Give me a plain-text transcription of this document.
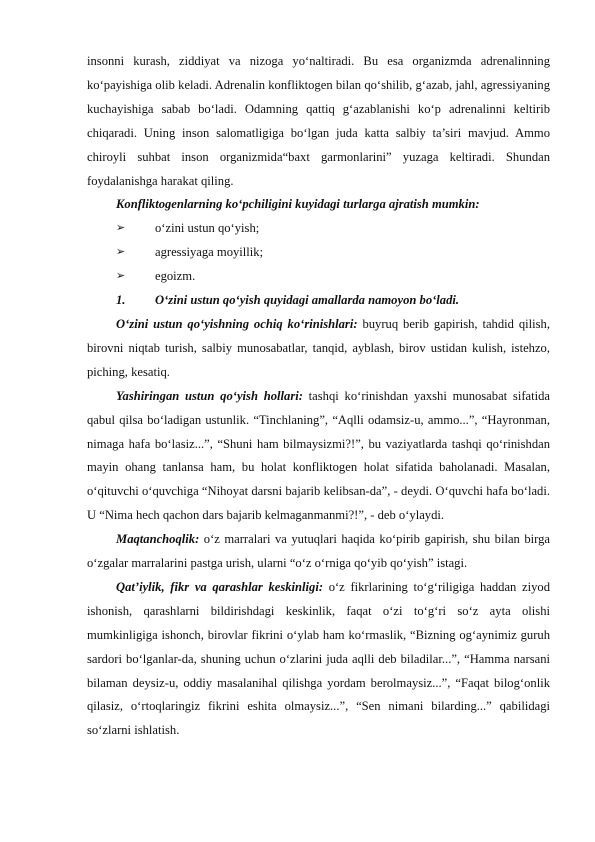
insonni kurash, ziddiyat va nizoga yo‘naltiradi. Bu esa organizmda adrenalinning ko‘payishiga olib keladi. Adrenalin konfliktogen bilan qo‘shilib, g‘azab, jahl, agressiyaning kuchayishiga sabab bo‘ladi. Odamning qattiq g‘azablanishi ko‘p adrenalinni keltirib chiqaradi. Uning inson salomatligiga bo‘lgan juda katta salbiy ta’siri mavjud. Ammo chiroyli suhbat inson organizmida“baxt garmonlarini” yuzaga keltiradi. Shundan foydalanishga harakat qiling.

Konfliktogenlarning ko‘pchiligini kuyidagi turlarga ajratish mumkin:

➢ o‘zini ustun qo‘yish;

➢ agressiyaga moyillik;

➢ egoizm.

1. O‘zini ustun qo‘yish quyidagi amallarda namoyon bo‘ladi.

O‘zini ustun qo‘yishning ochiq ko‘rinishlari: buyruq berib gapirish, tahdid qilish, birovni niqtab turish, salbiy munosabatlar, tanqid, ayblash, birov ustidan kulish, istehzo, piching, kesatiq.

Yashiringan ustun qo‘yish hollari: tashqi ko‘rinishdan yaxshi munosabat sifatida qabul qilsa bo‘ladigan ustunlik. “Tinchlaning”, “Aqlli odamsiz-u, ammo...”, “Hayronman, nimaga hafa bo‘lasiz...”, “Shuni ham bilmaysizmi?!”, bu vaziyatlarda tashqi qo‘rinishdan mayin ohang tanlansa ham, bu holat konfliktogen holat sifatida baholanadi. Masalan, o‘qituvchi o‘quvchiga “Nihoyat darsni bajarib kelibsan-da”, - deydi. O‘quvchi hafa bo‘ladi. U “Nima hech qachon dars bajarib kelmaganmanmi?!”, - deb o‘ylaydi.

Maqtanchoqlik: o‘z marralari va yutuqlari haqida ko‘pirib gapirish, shu bilan birga o‘zgalar marralarini pastga urish, ularni “o‘z o‘rniga qo‘yib qo‘yish” istagi.

Qat’iylik, fikr va qarashlar keskinligi: o‘z fikrlarining to‘g‘riligiga haddan ziyod ishonish, qarashlarni bildirishdagi keskinlik, faqat o‘zi to‘g‘ri so‘z ayta olishi mumkinligiga ishonch, birovlar fikrini o‘ylab ham ko‘rmaslik, “Bizning og‘aynimiz guruh sardori bo‘lganlar-da, shuning uchun o‘zlarini juda aqlli deb biladilar...”, “Hamma narsani bilaman deysiz-u, oddiy masalanihal qilishga yordam berolmaysiz...”, “Faqat bilog‘onlik qilasiz, o‘rtoqlaringiz fikrini eshita olmaysiz...”, “Sen nimani bilarding...” qabilidagi so‘zlarni ishlatish.
